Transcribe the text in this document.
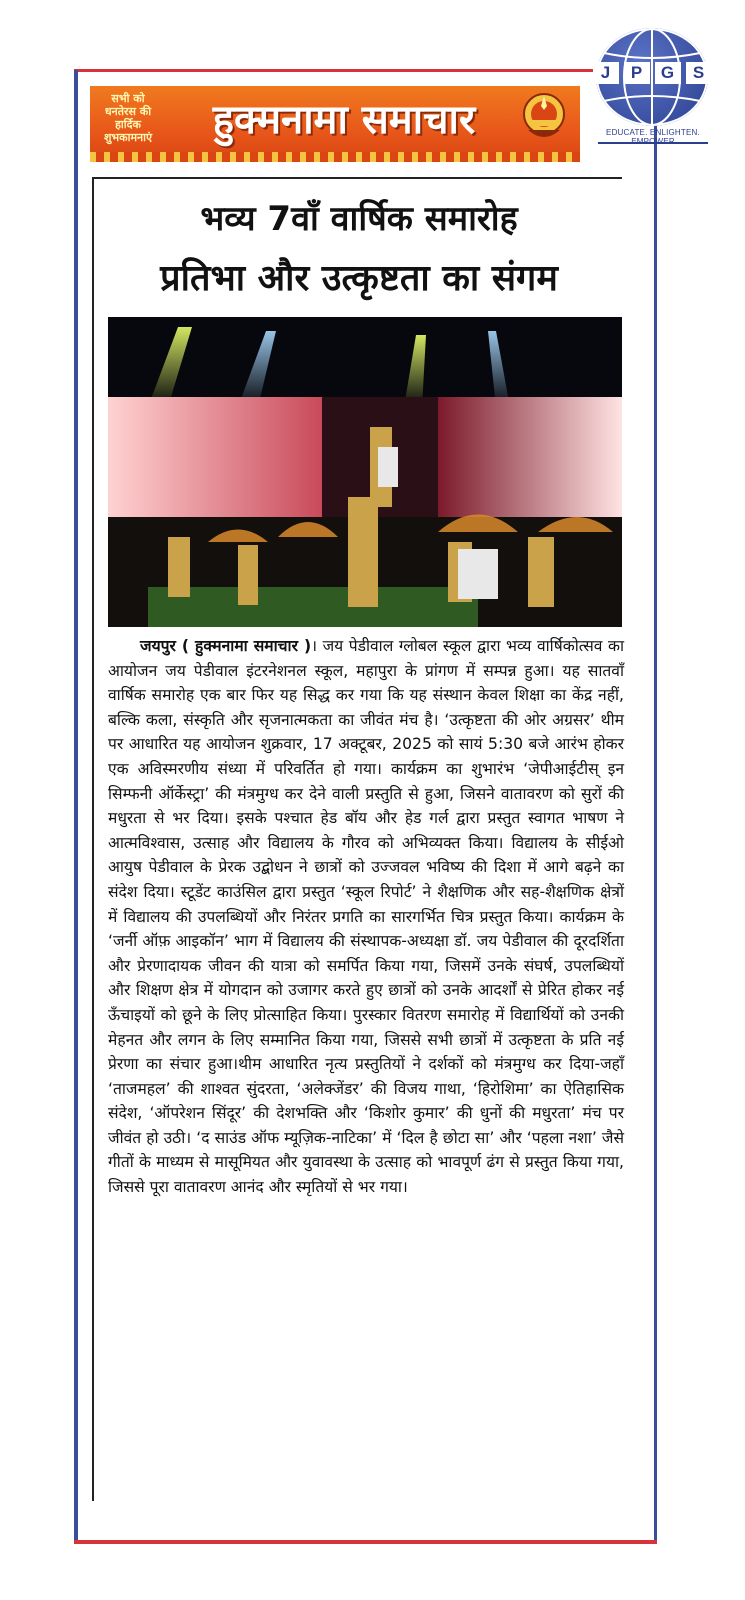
J	P	G	S
EDUCATE. ENLIGHTEN.
सभी को धनतेरस की हार्दिक शुभकामनाएं	हुक्मनामा समाचार
भव्य 7वाँ वार्षिक समारोह
प्रतिभा और उत्कृष्टता का संगम
जयपुर ( हुक्मनामा समाचार )। जय पेडीवाल ग्लोबल स्कूल द्वारा भव्य वार्षिकोत्सव का आयोजन जय पेडीवाल इंटरनेशनल स्कूल, महापुरा के प्रांगण में सम्पन्न हुआ। यह सातवाँ वार्षिक समारोह एक बार फिर यह सिद्ध कर गया कि यह संस्थान केवल शिक्षा का केंद्र नहीं, बल्कि कला, संस्कृति और सृजनात्मकता का जीवंत मंच है। ‘उत्कृष्टता की ओर अग्रसर’ थीम पर आधारित यह आयोजन शुक्रवार, 17 अक्टूबर, 2025 को सायं 5:30 बजे आरंभ होकर एक अविस्मरणीय संध्या में परिवर्तित हो गया। कार्यक्रम का शुभारंभ ‘जेपीआईटीस् इन सिम्फनी ऑर्केस्ट्रा’ की मंत्रमुग्ध कर देने वाली प्रस्तुति से हुआ, जिसने वातावरण को सुरों की मधुरता से भर दिया। इसके पश्चात हेड बॉय और हेड गर्ल द्वारा प्रस्तुत स्वागत भाषण ने आत्मविश्वास, उत्साह और विद्यालय के गौरव को अभिव्यक्त किया। विद्यालय के सीईओ आयुष पेडीवाल के प्रेरक उद्बोधन ने छात्रों को उज्जवल भविष्य की दिशा में आगे बढ़ने का संदेश दिया। स्टूडेंट काउंसिल द्वारा प्रस्तुत ‘स्कूल रिपोर्ट’ ने शैक्षणिक और सह-शैक्षणिक क्षेत्रों में विद्यालय की उपलब्धियों और निरंतर प्रगति का सारगर्भित चित्र प्रस्तुत किया। कार्यक्रम के ‘जर्नी ऑफ़ आइकॉन’ भाग में विद्यालय की संस्थापक-अध्यक्षा डॉ. जय पेडीवाल की दूरदर्शिता और प्रेरणादायक जीवन की यात्रा को समर्पित किया गया, जिसमें उनके संघर्ष, उपलब्धियों और शिक्षण क्षेत्र में योगदान को उजागर करते हुए छात्रों को उनके आदर्शों से प्रेरित होकर नई ऊँचाइयों को छूने के लिए प्रोत्साहित किया। पुरस्कार वितरण समारोह में विद्यार्थियों को उनकी मेहनत और लगन के लिए सम्मानित किया गया, जिससे सभी छात्रों में उत्कृष्टता के प्रति नई प्रेरणा का संचार हुआ।थीम आधारित नृत्य प्रस्तुतियों ने दर्शकों को मंत्रमुग्ध कर दिया-जहाँ ‘ताजमहल’ की शाश्वत सुंदरता, ‘अलेक्जेंडर’ की विजय गाथा, ‘हिरोशिमा’ का ऐतिहासिक संदेश, ‘ऑपरेशन सिंदूर’ की देशभक्ति और ‘किशोर कुमार’ की धुनों की मधुरता’ मंच पर जीवंत हो उठी। ‘द साउंड ऑफ म्यूज़िक-नाटिका’ में ‘दिल है छोटा सा’ और ‘पहला नशा’ जैसे गीतों के माध्यम से मासूमियत और युवावस्था के उत्साह को भावपूर्ण ढंग से प्रस्तुत किया गया, जिससे पूरा वातावरण आनंद और स्मृतियों से भर गया।
